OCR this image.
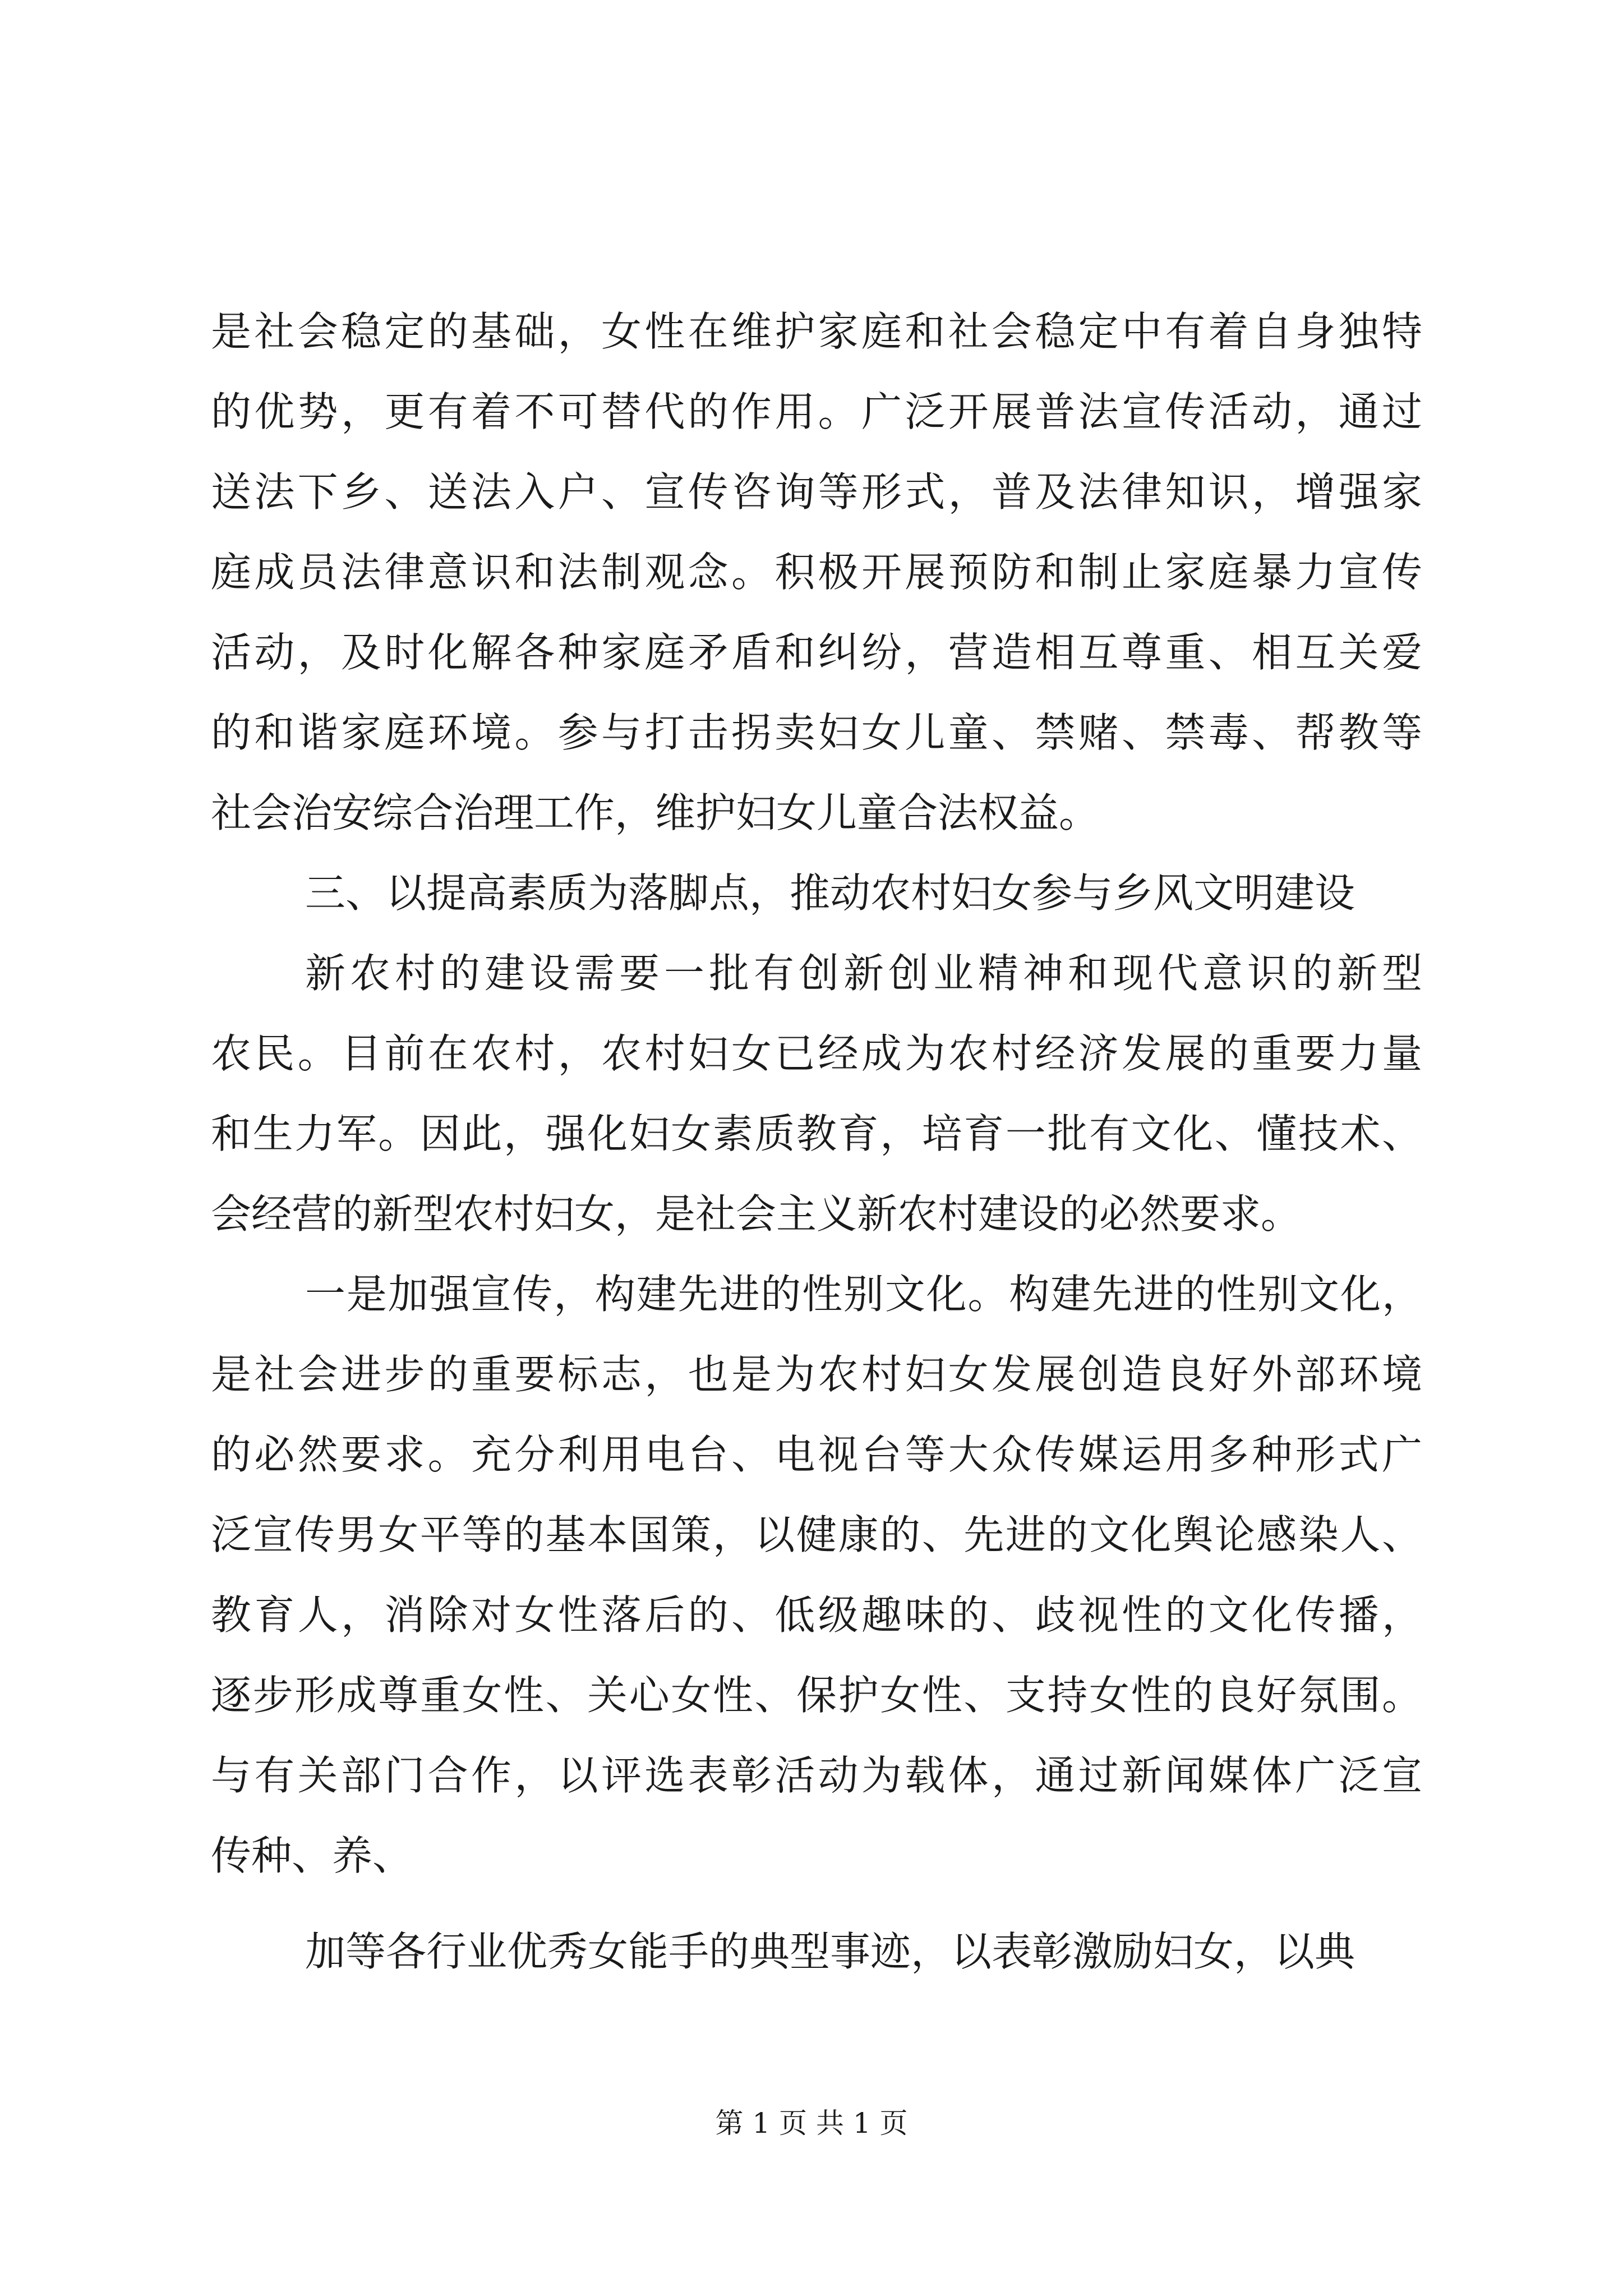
是社会稳定的基础，女性在维护家庭和社会稳定中有着自身独特
的优势，更有着不可替代的作用。广泛开展普法宣传活动，通过
送法下乡、送法入户、宣传咨询等形式，普及法律知识，增强家
庭成员法律意识和法制观念。积极开展预防和制止家庭暴力宣传
活动，及时化解各种家庭矛盾和纠纷，营造相互尊重、相互关爱
的和谐家庭环境。参与打击拐卖妇女儿童、禁赌、禁毒、帮教等
社会治安综合治理工作，维护妇女儿童合法权益。
三、以提高素质为落脚点，推动农村妇女参与乡风文明建设
新农村的建设需要一批有创新创业精神和现代意识的新型
农民。目前在农村，农村妇女已经成为农村经济发展的重要力量
和生力军。因此，强化妇女素质教育，培育一批有文化、懂技术、
会经营的新型农村妇女，是社会主义新农村建设的必然要求。
一是加强宣传，构建先进的性别文化。构建先进的性别文化，
是社会进步的重要标志，也是为农村妇女发展创造良好外部环境
的必然要求。充分利用电台、电视台等大众传媒运用多种形式广
泛宣传男女平等的基本国策，以健康的、先进的文化舆论感染人、
教育人，消除对女性落后的、低级趣味的、歧视性的文化传播，
逐步形成尊重女性、关心女性、保护女性、支持女性的良好氛围。
与有关部门合作，以评选表彰活动为载体，通过新闻媒体广泛宣
传种、养、
加等各行业优秀女能手的典型事迹，以表彰激励妇女，以典
第 1 页 共 1 页
